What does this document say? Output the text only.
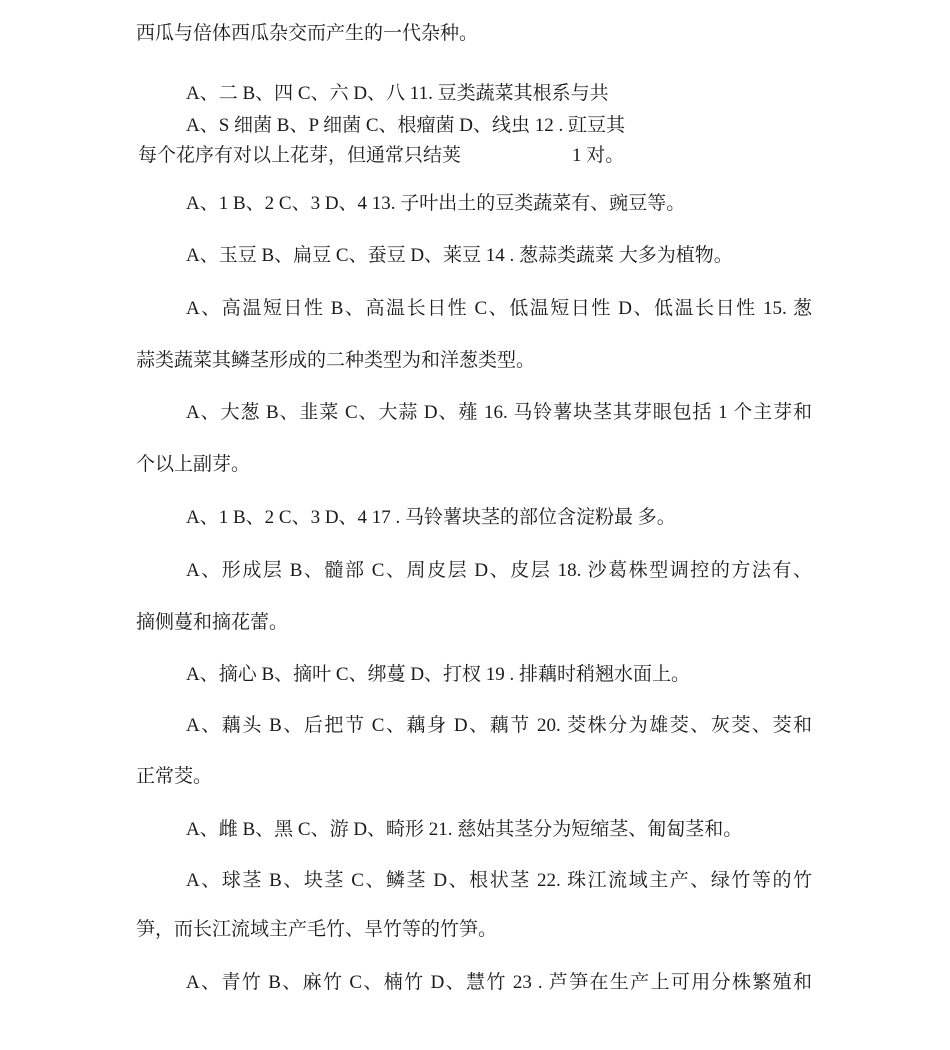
西瓜与倍体西瓜杂交而产生的一代杂种。
A、二 B、四 C、六 D、八 11. 豆类蔬菜其根系与共
A、S 细菌 B、P 细菌 C、根瘤菌 D、线虫 12 . 豇豆其
每个花序有对以上花芽，但通常只结荚	1 对。
A、1 B、2 C、3 D、4 13. 子叶出土的豆类蔬菜有、豌豆等。
A、玉豆 B、扁豆 C、蚕豆 D、莱豆 14 . 葱蒜类蔬菜 大多为植物。
A、高温短日性 B、高温长日性 C、低温短日性 D、低温长日性 15. 葱
蒜类蔬菜其鳞茎形成的二种类型为和洋葱类型。
A、大葱 B、韭菜 C、大蒜 D、薤 16. 马铃薯块茎其芽眼包括 1 个主芽和
个以上副芽。
A、1 B、2 C、3 D、4 17 . 马铃薯块茎的部位含淀粉最 多。
A、形成层 B、髓部 C、周皮层 D、皮层 18. 沙葛株型调控的方法有、
摘侧蔓和摘花蕾。
A、摘心 B、摘叶 C、绑蔓 D、打杈 19 . 排藕时稍翘水面上。
A、藕头 B、后把节 C、藕身 D、藕节 20. 茭株分为雄茭、灰茭、茭和
正常茭。
A、雌 B、黑 C、游 D、畸形 21. 慈姑其茎分为短缩茎、匍匐茎和。
A、球茎 B、块茎 C、鳞茎 D、根状茎 22. 珠江流域主产、绿竹等的竹
笋，而长江流域主产毛竹、旱竹等的竹笋。
A、青竹 B、麻竹 C、楠竹 D、慧竹 23 . 芦笋在生产上可用分株繁殖和
